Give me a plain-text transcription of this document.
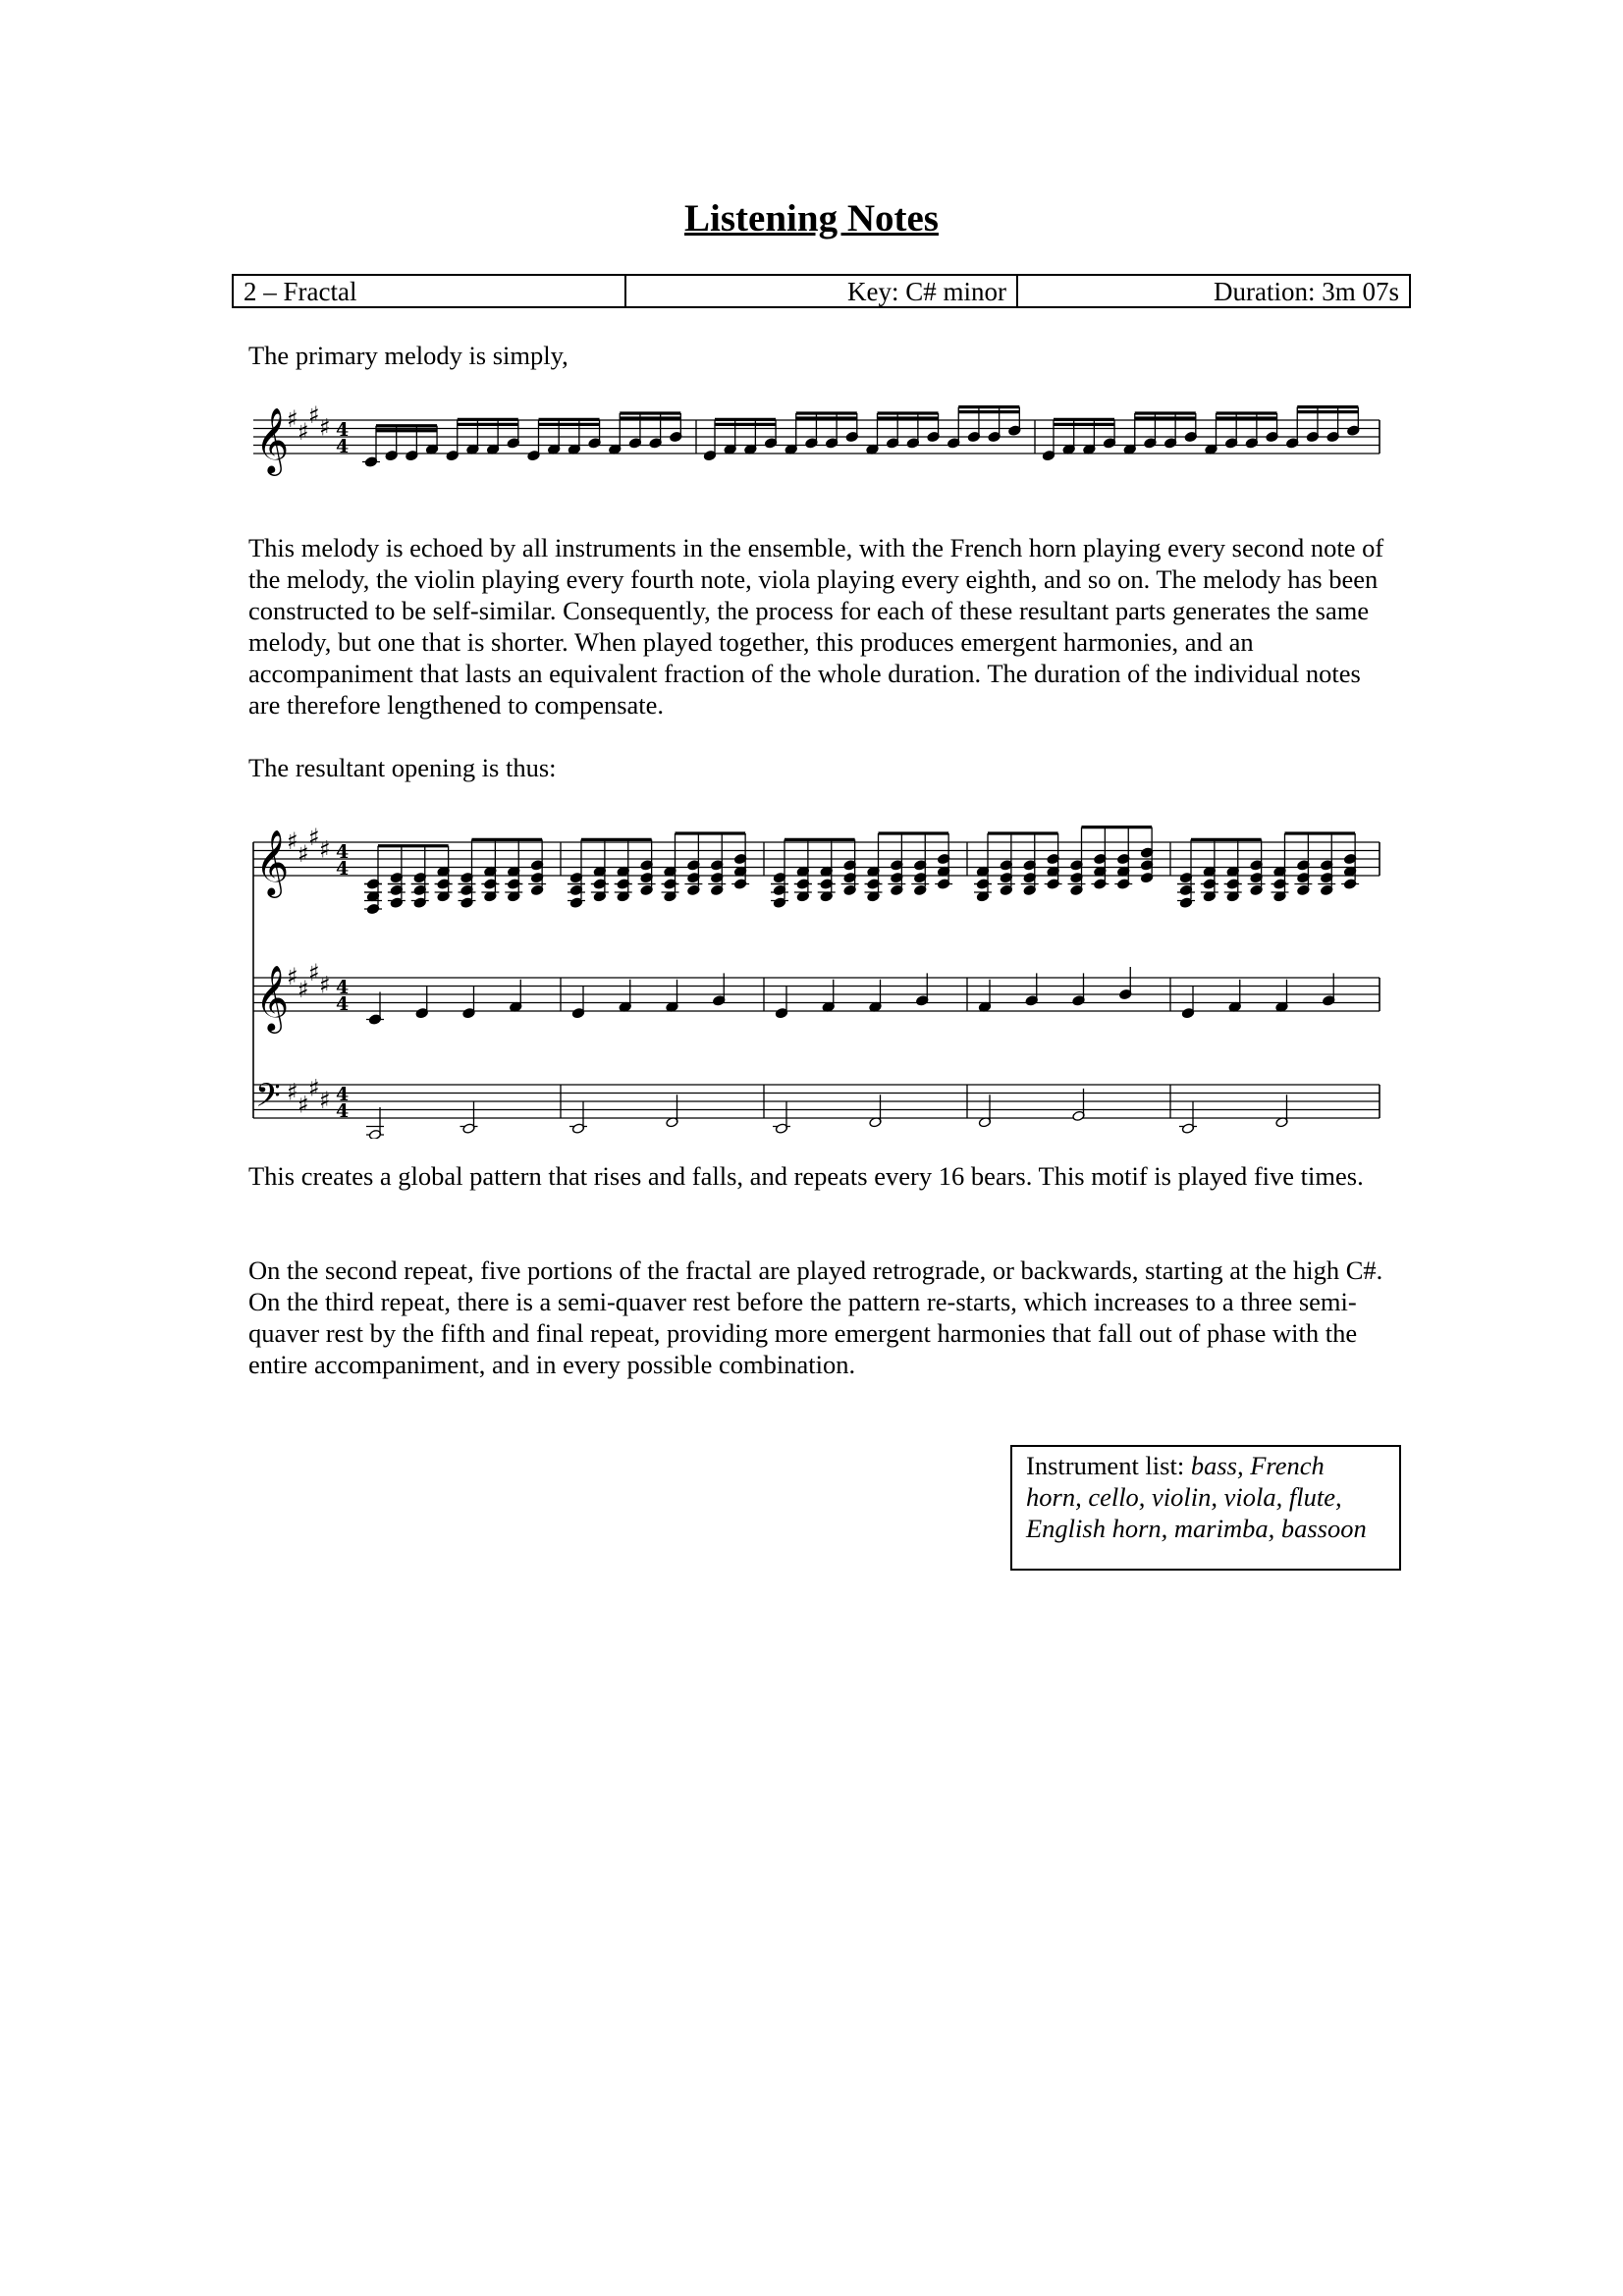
Listening Notes
2 – Fractal	Key: C# minor	Duration: 3m 07s

The primary melody is simply,

𝄞
♯ ♯
♯ ♯ 4
4

This melody is echoed by all instruments in the ensemble, with the French horn playing every second note of the melody, the violin playing every fourth note, viola playing every eighth, and so on. The melody has been constructed to be self-similar. Consequently, the process for each of these resultant parts generates the same melody, but one that is shorter. When played together, this produces emergent harmonies, and an accompaniment that lasts an equivalent fraction of the whole duration. The duration of the individual notes are therefore lengthened to compensate.

The resultant opening is thus:

𝄞
♯ ♯
♯ ♯ 4
4
𝄞
♯ ♯
♯ ♯ 4
4
𝄢 ♯ ♯
♯ ♯ 4
4

This creates a global pattern that rises and falls, and repeats every 16 bears. This motif is played five times.

On the second repeat, five portions of the fractal are played retrograde, or backwards, starting at the high C#. On the third repeat, there is a semi-quaver rest before the pattern re-starts, which increases to a three semi-quaver rest by the fifth and final repeat, providing more emergent harmonies that fall out of phase with the entire accompaniment, and in every possible combination.

Instrument list: bass, French horn, cello, violin, viola, flute, English horn, marimba, bassoon
